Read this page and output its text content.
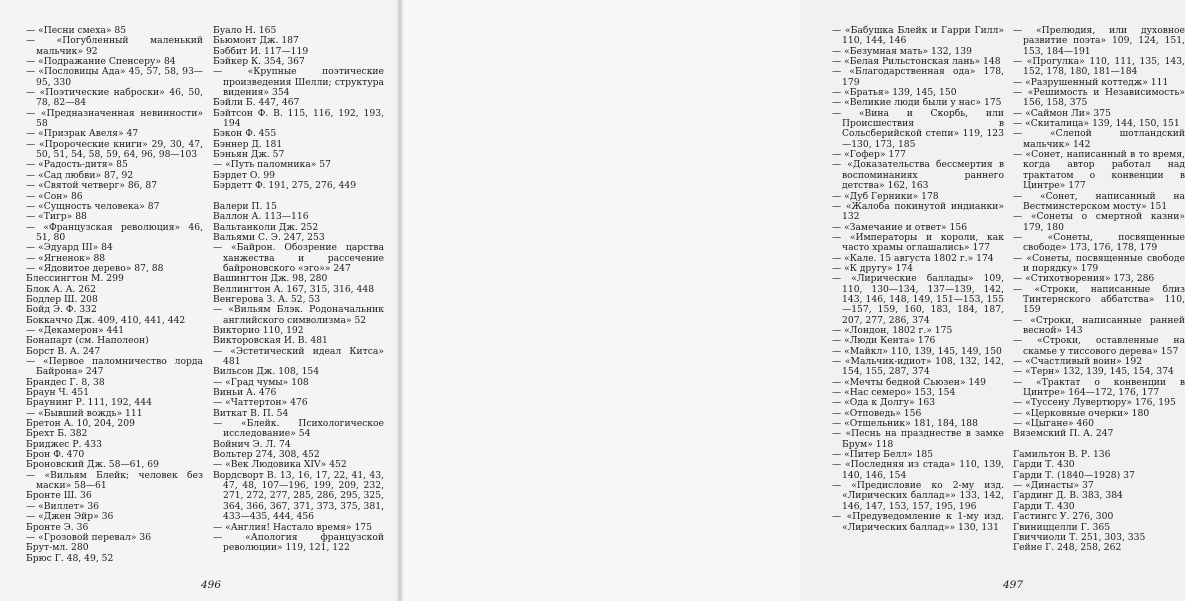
— «Песни смеха» 85

— «Погубленный маленький мальчик» 92

— «Подражание Спенсеру» 84

— «Пословицы Ада» 45, 57, 58, 93—95, 330

— «Поэтические наброски» 46, 50, 78, 82—84

— «Предназначенная невинности» 58

— «Призрак Авеля» 47

— «Пророческие книги» 29, 30, 47, 50, 51, 54, 58, 59, 64, 96, 98—103

— «Радость-дитя» 85

— «Сад любви» 87, 92

— «Святой четверг» 86, 87

— «Сон» 86

— «Сущность человека» 87

— «Тигр» 88

— «Французская революция» 46, 51, 80

— «Эдуард III» 84

— «Ягненок» 88

— «Ядовитое дерево» 87, 88

Блессингтон М. 299

Блок А. А. 262

Бодлер Ш. 208

Бойд Э. Ф. 332

Боккаччо Дж. 409, 410, 441, 442

— «Декамерон» 441

Бонапарт (см. Наполеон)

Борст В. А. 247

— «Первое паломничество лорда Байрона» 247

Брандес Г. 8, 38

Браун Ч. 451

Браунинг Р. 111, 192, 444

— «Бывший вождь» 111

Бретон А. 10, 204, 209

Брехт Б. 382

Бриджес Р. 433

Брон Ф. 470

Броновский Дж. 58—61, 69

— «Вильям Блейк; человек без маски» 58—61

Бронте Ш. 36

— «Виллет» 36

— «Джен Эйр» 36

Бронте Э. 36

— «Грозовой перевал» 36

Брут-мл. 280

Брюс Г. 48, 49, 52

Буало Н. 165

Бьюмонт Дж. 187

Бэббит И. 117—119

Бэйкер К. 354, 367

— «Крупные поэтические произведения Шелли; структура видения» 354

Бэйли Б. 447, 467

Бэйтсон Ф. В. 115, 116, 192, 193, 194

Бэкон Ф. 455

Бэннер Д. 181

Бэньян Дж. 57

— «Путь паломника» 57

Бэрдет О. 99

Бэрдетт Ф. 191, 275, 276, 449

Валери П. 15

Валлон А. 113—116

Вальтанколи Дж. 252

Вальями С. Э. 247, 253

— «Байрон. Обозрение царства ханжества и рассечение байроновского «эго»» 247

Вашингтон Дж. 98, 280

Веллингтон А. 167, 315, 316, 448

Венгерова З. А. 52, 53

— «Вильям Блэк. Родоначальник английского символизма» 52

Викторио 110, 192

Викторовская И. В. 481

— «Эстетический идеал Китса» 481

Вильсон Дж. 108, 154

— «Град чумы» 108

Виньи А. 476

— «Чаттертон» 476

Виткат В. П. 54

— «Блейк. Психологическое исследование» 54

Войнич Э. Л. 74

Вольтер 274, 308, 452

— «Век Людовика XIV» 452

Вордсворт В. 13, 16, 17, 22, 41, 43, 47, 48, 107—196, 199, 209, 232, 271, 272, 277, 285, 286, 295, 325, 364, 366, 367, 371, 373, 375, 381, 433—435, 444, 456

— «Англия! Настало время» 175

— «Апология французской революции» 119, 121, 122

496

— «Бабушка Блейк и Гарри Гилл» 110, 144, 146

— «Безумная мать» 132, 139

— «Белая Рильстонская лань» 148

— «Благодарственная ода» 178, 179

— «Братья» 139, 145, 150

— «Великие люди были у нас» 175

— «Вина и Скорбь, или Происшествия в Сольсберийской степи» 119, 123—130, 173, 185

— «Гофер» 177

— «Доказательства бессмертия в воспоминаниях раннего детства» 162, 163

— «Дуб Герники» 178

— «Жалоба покинутой индианки» 132

— «Замечание и ответ» 156

— «Императоры и короли, как часто храмы оглашались» 177

— «Кале. 15 августа 1802 г.» 174

— «К другу» 174

— «Лирические баллады» 109, 110, 130—134, 137—139, 142, 143, 146, 148, 149, 151—153, 155—157, 159, 160, 183, 184, 187, 207, 277, 286, 374

— «Лондон, 1802 г.» 175

— «Люди Кента» 176

— «Майкл» 110, 139, 145, 149, 150

— «Мальчик-идиот» 108, 132, 142, 154, 155, 287, 374

— «Мечты бедной Сьюзен» 149

— «Нас семеро» 153, 154

— «Ода к Долгу» 163

— «Отповедь» 156

— «Отшельник» 181, 184, 188

— «Песнь на празднестве в замке Брум» 118

— «Питер Белл» 185

— «Последняя из стада» 110, 139, 140, 146, 154

— «Предисловие ко 2-му изд. «Лирических баллад»» 133, 142, 146, 147, 153, 157, 195, 196

— «Предуведомление к 1-му изд. «Лирических баллад»» 130, 131

— «Прелюдия, или духовное развитие поэта» 109, 124, 151, 153, 184—191

— «Прогулка» 110, 111, 135, 143, 152, 178, 180, 181—184

— «Разрушенный коттедж» 111

— «Решимость и Независимость» 156, 158, 375

— «Саймон Ли» 375

— «Скиталица» 139, 144, 150, 151

— «Слепой шотландский мальчик» 142

— «Сонет, написанный в то время, когда автор работал над трактатом о конвенции в Цинтре» 177

— «Сонет, написанный на Вестминстерском мосту» 151

— «Сонеты о смертной казни» 179, 180

— «Сонеты, посвященные свободе» 173, 176, 178, 179

— «Сонеты, посвященные свободе и порядку» 179

— «Стихотворения» 173, 286

— «Строки, написанные близ Тинтернского аббатства» 110, 159

— «Строки, написанные ранней весной» 143

— «Строки, оставленные на скамье у тиссового дерева» 157

— «Счастливый воин» 192

— «Терн» 132, 139, 145, 154, 374

— «Трактат о конвенции в Цинтре» 164—172, 176, 177

— «Туссену Лувертюру» 176, 195

— «Церковные очерки» 180

— «Цыгане» 460

Вяземский П. А. 247

Гамильтон В. Р. 136

Гарди Т. 430

Гарди Т. (1840—1928) 37

— «Династы» 37

Гардинг Д. В. 383, 384

Гарди Т. 430

Гастингс У. 276, 300

Гвиниццелли Г. 365

Гвиччиоли Т. 251, 303, 335

Гейне Г. 248, 258, 262

497
